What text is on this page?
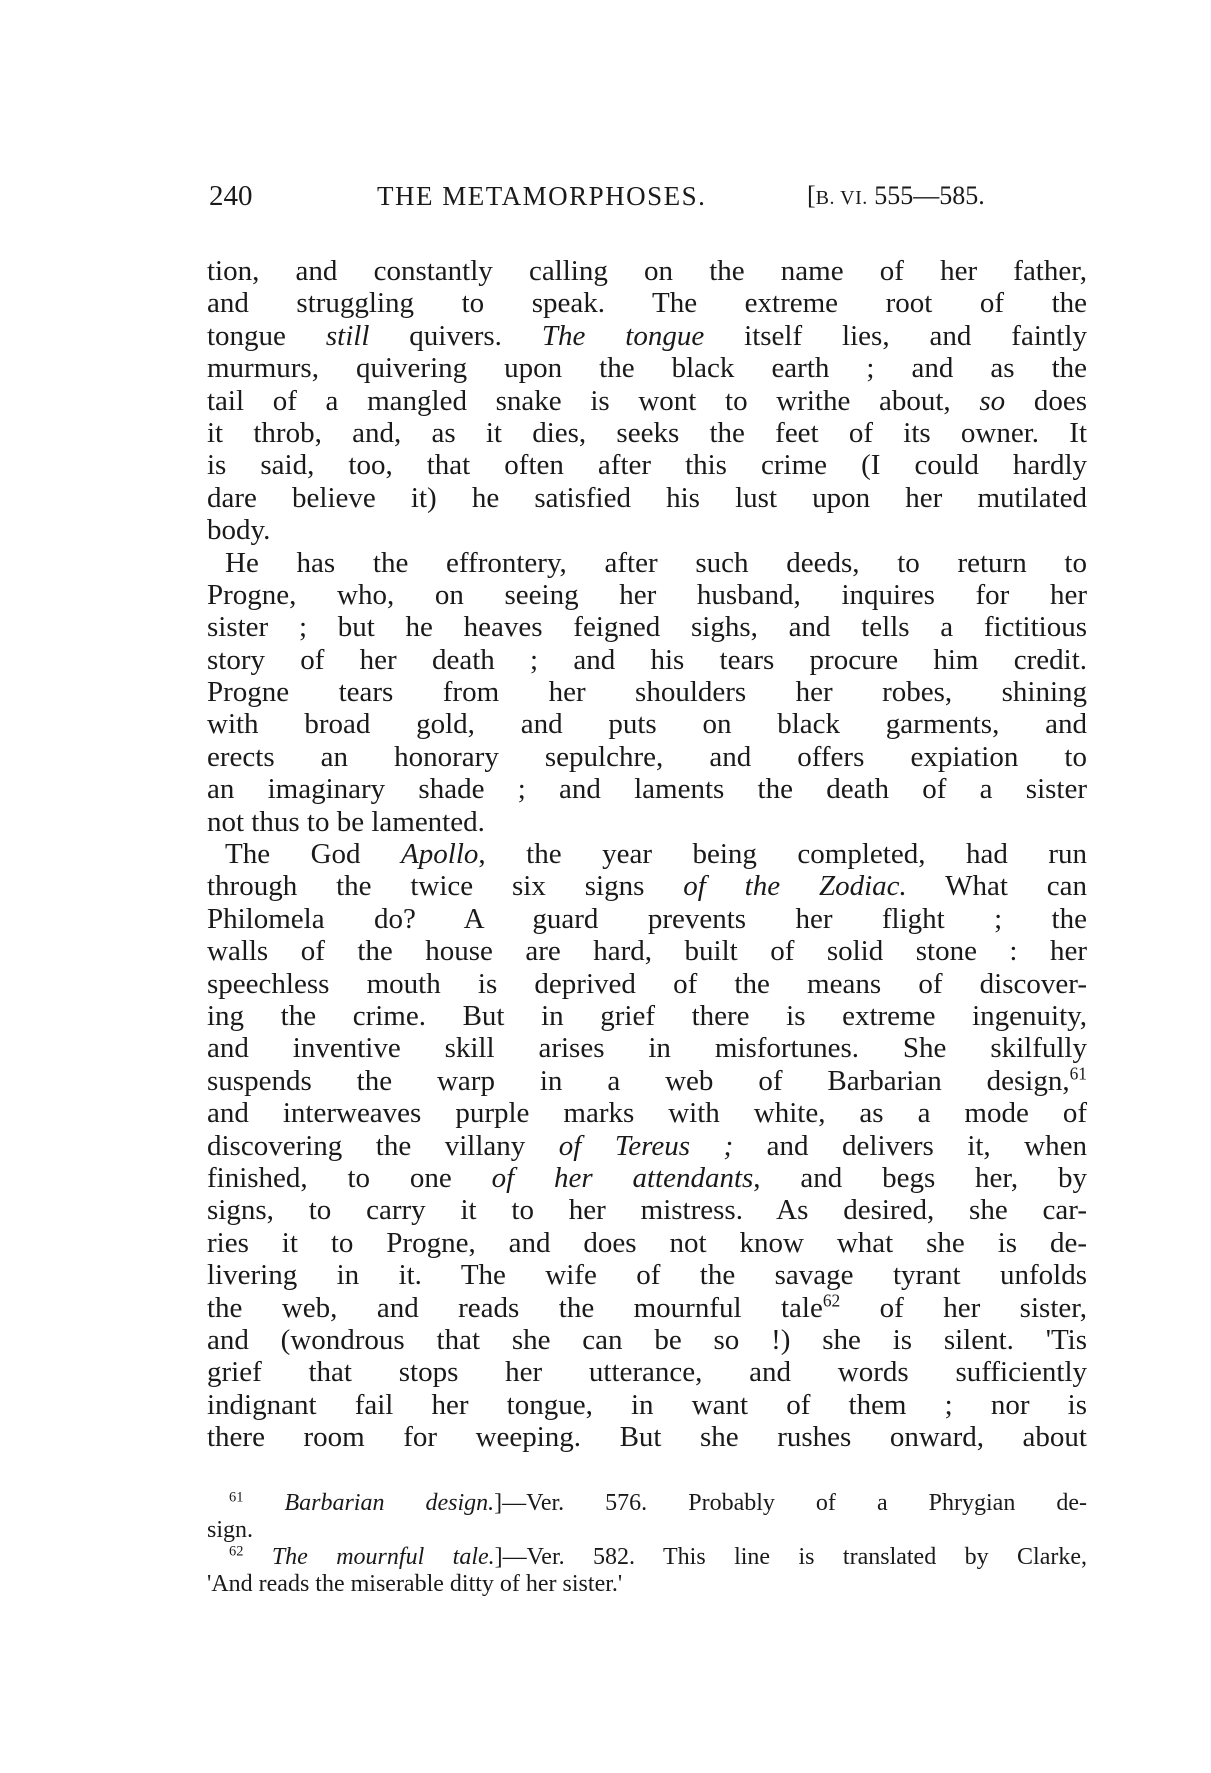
240	THE METAMORPHOSES.	[B. VI. 555—585.
tion, and constantly calling on the name of her father,
and struggling to speak. The extreme root of the
tongue still quivers. The tongue itself lies, and faintly
murmurs, quivering upon the black earth ; and as the
tail of a mangled snake is wont to writhe about, so does
it throb, and, as it dies, seeks the feet of its owner. It
is said, too, that often after this crime (I could hardly
dare believe it) he satisfied his lust upon her mutilated
body.
He has the effrontery, after such deeds, to return to
Progne, who, on seeing her husband, inquires for her
sister ; but he heaves feigned sighs, and tells a fictitious
story of her death ; and his tears procure him credit.
Progne tears from her shoulders her robes, shining
with broad gold, and puts on black garments, and
erects an honorary sepulchre, and offers expiation to
an imaginary shade ; and laments the death of a sister
not thus to be lamented.
The God Apollo, the year being completed, had run
through the twice six signs of the Zodiac. What can
Philomela do? A guard prevents her flight ; the
walls of the house are hard, built of solid stone : her
speechless mouth is deprived of the means of discover-
ing the crime. But in grief there is extreme ingenuity,
and inventive skill arises in misfortunes. She skilfully
suspends the warp in a web of Barbarian design,$^{61}$
and interweaves purple marks with white, as a mode of
discovering the villany of Tereus ; and delivers it, when
finished, to one of her attendants, and begs her, by
signs, to carry it to her mistress. As desired, she car-
ries it to Progne, and does not know what she is de-
livering in it. The wife of the savage tyrant unfolds
the web, and reads the mournful tale$^{62}$ of her sister,
and (wondrous that she can be so !) she is silent. 'Tis
grief that stops her utterance, and words sufficiently
indignant fail her tongue, in want of them ; nor is
there room for weeping. But she rushes onward, about
$^{61}$ Barbarian design.]—Ver. 576. Probably of a Phrygian de-
sign.
$^{62}$ The mournful tale.]—Ver. 582. This line is translated by Clarke,
'And reads the miserable ditty of her sister.'
